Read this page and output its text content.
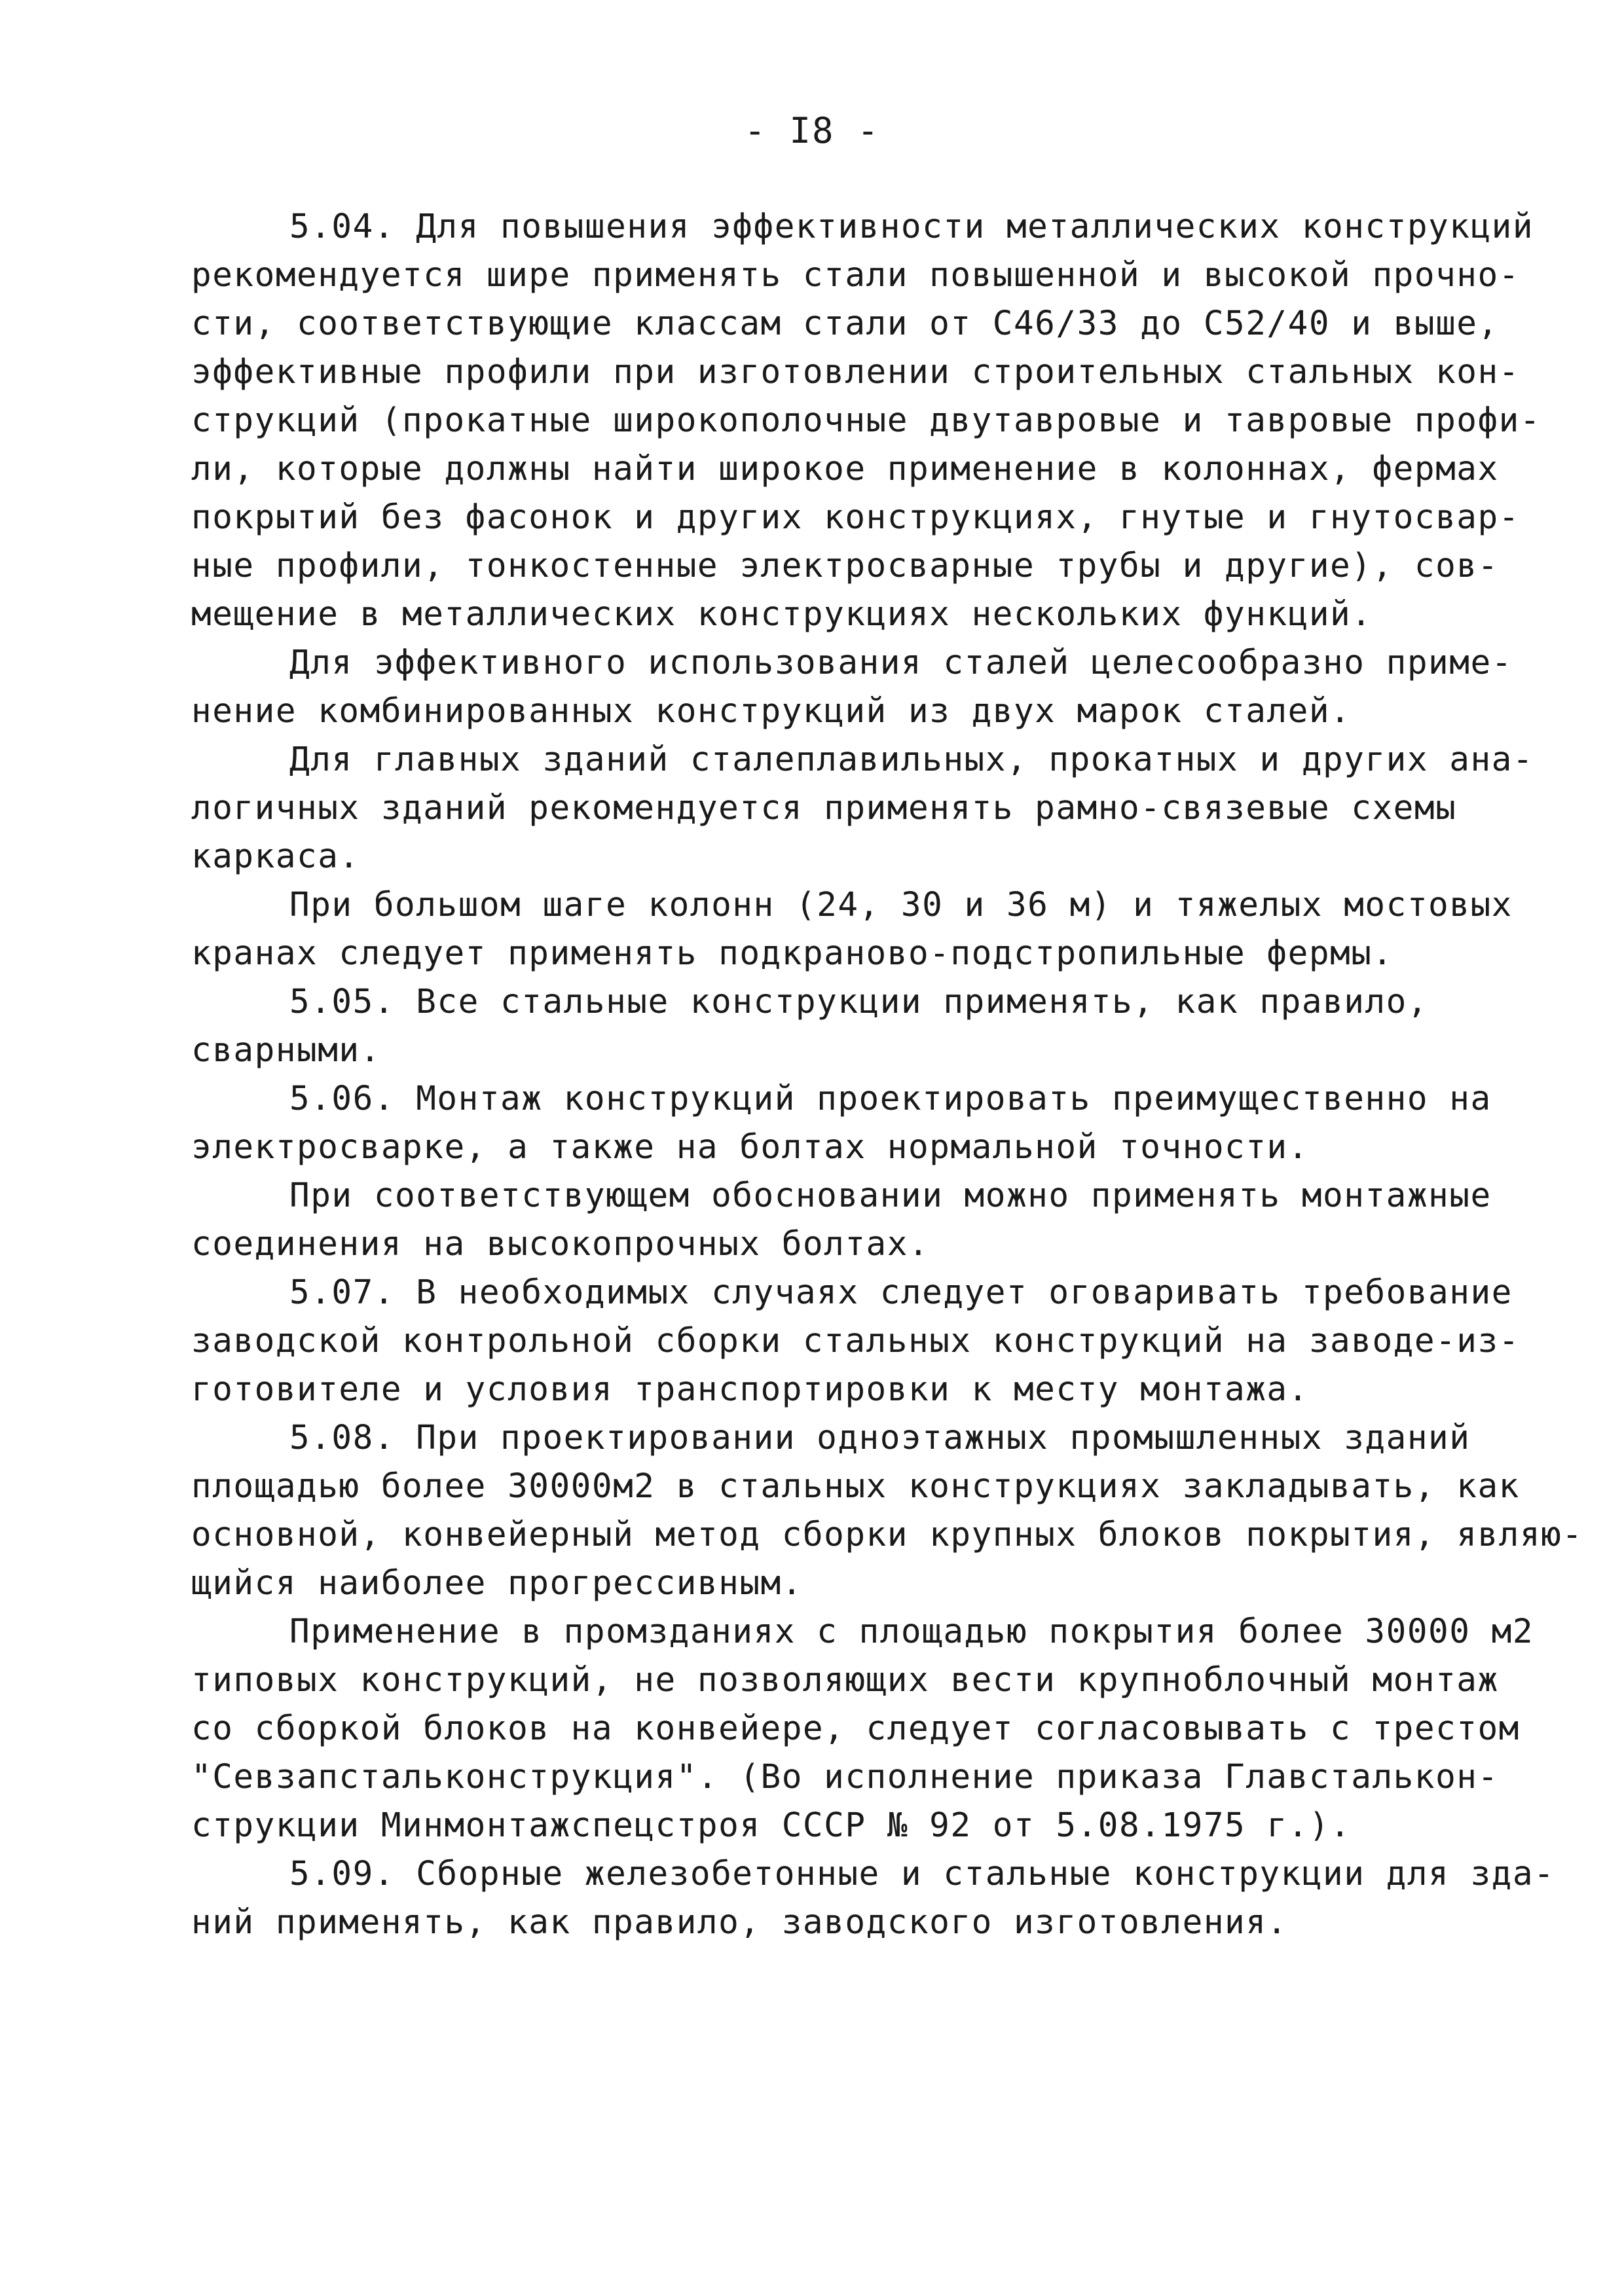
- I8 -
5.04. Для повышения эффективности металлических конструкций
рекомендуется шире применять стали повышенной и высокой прочно-
сти, соответствующие классам стали от С46/33 до С52/40 и выше,
эффективные профили при изготовлении строительных стальных кон-
струкций (прокатные широкополочные двутавровые и тавровые профи-
ли, которые должны найти широкое применение в колоннах, фермах
покрытий без фасонок и других конструкциях, гнутые и гнутосвар-
ные профили, тонкостенные электросварные трубы и другие), сов-
мещение в металлических конструкциях нескольких функций.
Для эффективного использования сталей целесообразно приме-
нение комбинированных конструкций из двух марок сталей.
Для главных зданий сталеплавильных, прокатных и других ана-
логичных зданий рекомендуется применять рамно-связевые схемы
каркаса.
При большом шаге колонн (24, 30 и 36 м) и тяжелых мостовых
кранах следует применять подкраново-подстропильные фермы.
5.05. Все стальные конструкции применять, как правило,
сварными.
5.06. Монтаж конструкций проектировать преимущественно на
электросварке, а также на болтах нормальной точности.
При соответствующем обосновании можно применять монтажные
соединения на высокопрочных болтах.
5.07. В необходимых случаях следует оговаривать требование
заводской контрольной сборки стальных конструкций на заводе-из-
готовителе и условия транспортировки к месту монтажа.
5.08. При проектировании одноэтажных промышленных зданий
площадью более 30000м2 в стальных конструкциях закладывать, как
основной, конвейерный метод сборки крупных блоков покрытия, являю-
щийся наиболее прогрессивным.
Применение в промзданиях с площадью покрытия более 30000 м2
типовых конструкций, не позволяющих вести крупноблочный монтаж
со сборкой блоков на конвейере, следует согласовывать с трестом
"Севзапстальконструкция". (Во исполнение приказа Главсталькон-
струкции Минмонтажспецстроя СССР № 92 от 5.08.1975 г.).
5.09. Сборные железобетонные и стальные конструкции для зда-
ний применять, как правило, заводского изготовления.
